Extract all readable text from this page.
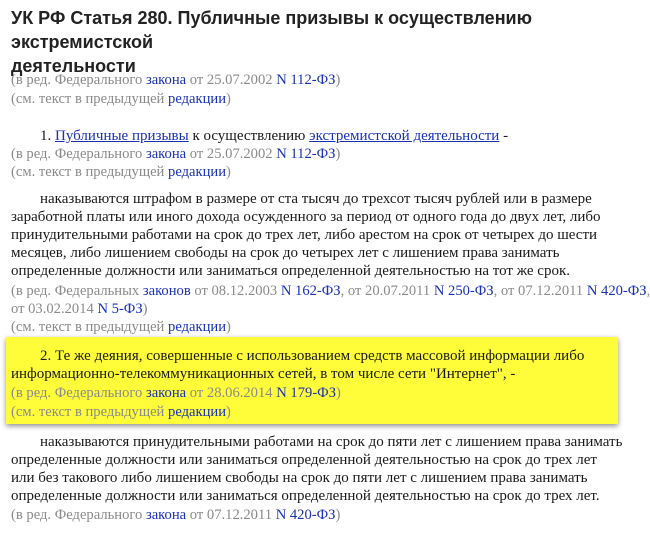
УК РФ Статья 280. Публичные призывы к осуществлению экстремистской
деятельности
(в ред. Федерального закона от 25.07.2002 N 112-ФЗ)
(см. текст в предыдущей редакции)
1. Публичные призывы к осуществлению экстремистской деятельности -
(в ред. Федерального закона от 25.07.2002 N 112-ФЗ)
(см. текст в предыдущей редакции)
наказываются штрафом в размере от ста тысяч до трехсот тысяч рублей или в размере
заработной платы или иного дохода осужденного за период от одного года до двух лет, либо
принудительными работами на срок до трех лет, либо арестом на срок от четырех до шести
месяцев, либо лишением свободы на срок до четырех лет с лишением права занимать
определенные должности или заниматься определенной деятельностью на тот же срок.
(в ред. Федеральных законов от 08.12.2003 N 162-ФЗ, от 20.07.2011 N 250-ФЗ, от 07.12.2011 N 420-ФЗ,
от 03.02.2014 N 5-ФЗ)
(см. текст в предыдущей редакции)
2. Те же деяния, совершенные с использованием средств массовой информации либо
информационно-телекоммуникационных сетей, в том числе сети "Интернет", -
(в ред. Федерального закона от 28.06.2014 N 179-ФЗ)
(см. текст в предыдущей редакции)
наказываются принудительными работами на срок до пяти лет с лишением права занимать
определенные должности или заниматься определенной деятельностью на срок до трех лет
или без такового либо лишением свободы на срок до пяти лет с лишением права занимать
определенные должности или заниматься определенной деятельностью на срок до трех лет.
(в ред. Федерального закона от 07.12.2011 N 420-ФЗ)
